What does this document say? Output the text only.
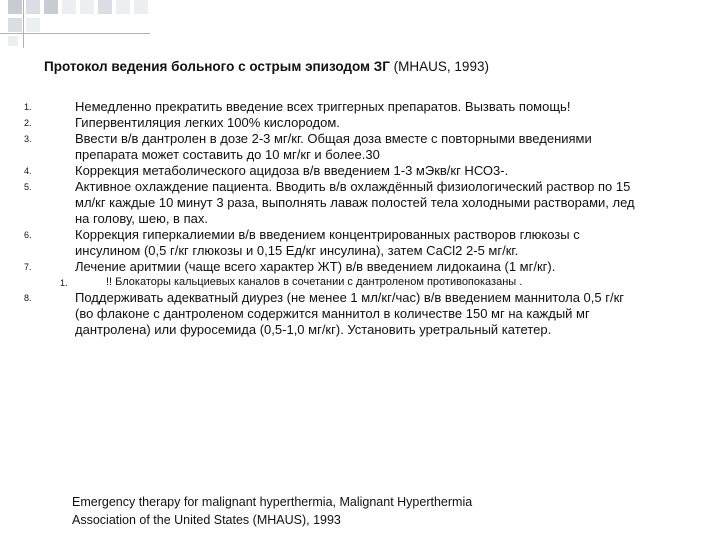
Протокол ведения больного с острым эпизодом ЗГ (MHAUS, 1993)
1.	Немедленно прекратить введение всех триггерных препаратов. Вызвать помощь!
2.	Гипервентиляция легких 100% кислородом.
3.	Ввести в/в дантролен в дозе 2-3 мг/кг. Общая доза вместе с повторными введениями препарата может составить до 10 мг/кг и более.30
4.	Коррекция метаболического ацидоза в/в введением 1-3 мЭкв/кг НСО3-.
5.	Активное охлаждение пациента. Вводить в/в охлаждённый физиологический раствор по 15 мл/кг каждые 10 минут 3 раза, выполнять лаваж полостей тела холодными растворами, лед на голову, шею, в пах.
6.	Коррекция гиперкалиемии в/в введением концентрированных растворов глюкозы с инсулином (0,5 г/кг глюкозы и 0,15 Ед/кг инсулина), затем СаСl2 2-5 мг/кг.
7.	Лечение аритмии (чаще всего характер ЖТ) в/в введением лидокаина (1 мг/кг).
1.	!! Блокаторы кальциевых каналов в сочетании с дантроленом противопоказаны .
8.	Поддерживать адекватный диурез (не менее 1 мл/кг/час) в/в введением маннитола 0,5 г/кг (во флаконе с дантроленом содержится маннитол в количестве 150 мг на каждый мг дантролена) или фуросемида (0,5-1,0 мг/кг). Установить уретральный катетер.
Emergency therapy for malignant hyperthermia, Malignant Hyperthermia Association of the United States (MHAUS), 1993
